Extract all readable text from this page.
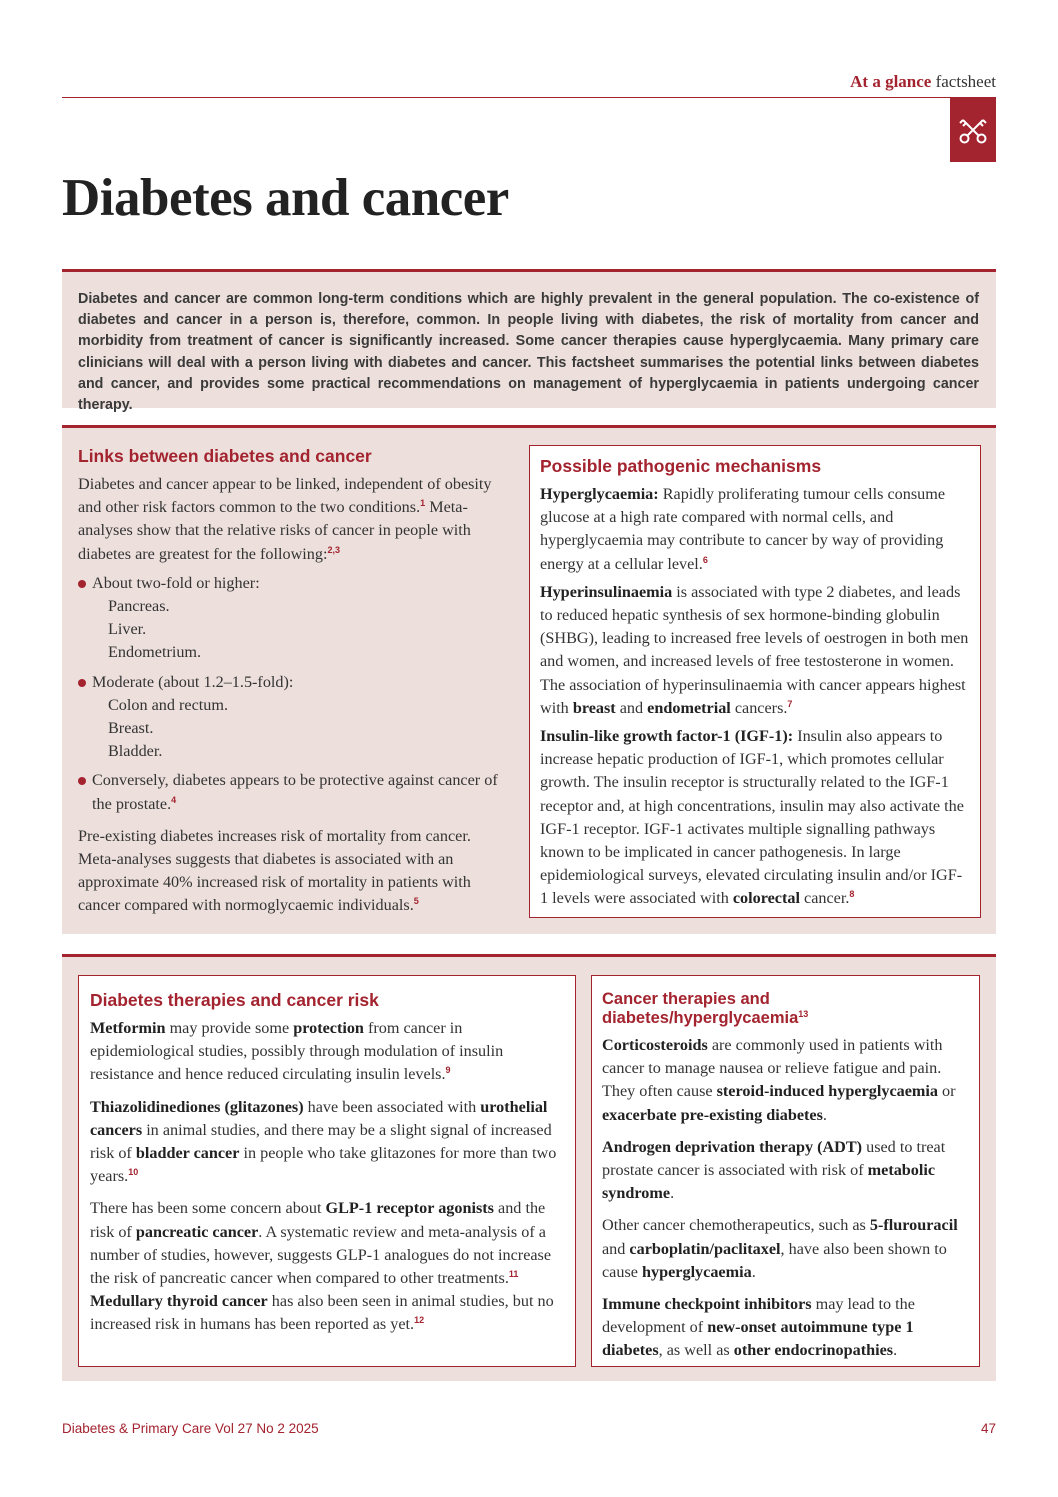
At a glance factsheet
Diabetes and cancer

Diabetes and cancer are common long-term conditions which are highly prevalent in the general population. The co-existence of diabetes and cancer in a person is, therefore, common. In people living with diabetes, the risk of mortality from cancer and morbidity from treatment of cancer is significantly increased. Some cancer therapies cause hyperglycaemia. Many primary care clinicians will deal with a person living with diabetes and cancer. This factsheet summarises the potential links between diabetes and cancer, and provides some practical recommendations on management of hyperglycaemia in patients undergoing cancer therapy.

Links between diabetes and cancer

Diabetes and cancer appear to be linked, independent of obesity and other risk factors common to the two conditions.$^1$ Meta-analyses show that the relative risks of cancer in people with diabetes are greatest for the following:$^{2,3}$

About two-fold or higher:
Pancreas.
Liver.
Endometrium.
Moderate (about 1.2–1.5-fold):
Colon and rectum.
Breast.
Bladder.
Conversely, diabetes appears to be protective against cancer of the prostate.$^4$

Pre-existing diabetes increases risk of mortality from cancer. Meta-analyses suggests that diabetes is associated with an approximate 40% increased risk of mortality in patients with cancer compared with normoglycaemic individuals.$^5$

Possible pathogenic mechanisms

Hyperglycaemia: Rapidly proliferating tumour cells consume glucose at a high rate compared with normal cells, and hyperglycaemia may contribute to cancer by way of providing energy at a cellular level.$^6$

Hyperinsulinaemia is associated with type 2 diabetes, and leads to reduced hepatic synthesis of sex hormone-binding globulin (SHBG), leading to increased free levels of oestrogen in both men and women, and increased levels of free testosterone in women. The association of hyperinsulinaemia with cancer appears highest with breast and endometrial cancers.$^7$

Insulin-like growth factor-1 (IGF-1): Insulin also appears to increase hepatic production of IGF-1, which promotes cellular growth. The insulin receptor is structurally related to the IGF-1 receptor and, at high concentrations, insulin may also activate the IGF-1 receptor. IGF-1 activates multiple signalling pathways known to be implicated in cancer pathogenesis. In large epidemiological surveys, elevated circulating insulin and/or IGF-1 levels were associated with colorectal cancer.$^8$

Diabetes therapies and cancer risk

Metformin may provide some protection from cancer in epidemiological studies, possibly through modulation of insulin resistance and hence reduced circulating insulin levels.$^9$

Thiazolidinediones (glitazones) have been associated with urothelial cancers in animal studies, and there may be a slight signal of increased risk of bladder cancer in people who take glitazones for more than two years.$^{10}$

There has been some concern about GLP-1 receptor agonists and the risk of pancreatic cancer. A systematic review and meta-analysis of a number of studies, however, suggests GLP-1 analogues do not increase the risk of pancreatic cancer when compared to other treatments.$^{11}$ Medullary thyroid cancer has also been seen in animal studies, but no increased risk in humans has been reported as yet.$^{12}$

Cancer therapies and diabetes/hyperglycaemia$^{13}$

Corticosteroids are commonly used in patients with cancer to manage nausea or relieve fatigue and pain. They often cause steroid-induced hyperglycaemia or exacerbate pre-existing diabetes.

Androgen deprivation therapy (ADT) used to treat prostate cancer is associated with risk of metabolic syndrome.

Other cancer chemotherapeutics, such as 5-flurouracil and carboplatin/paclitaxel, have also been shown to cause hyperglycaemia.

Immune checkpoint inhibitors may lead to the development of new-onset autoimmune type 1 diabetes, as well as other endocrinopathies.

Diabetes & Primary Care Vol 27 No 2 2025	47
